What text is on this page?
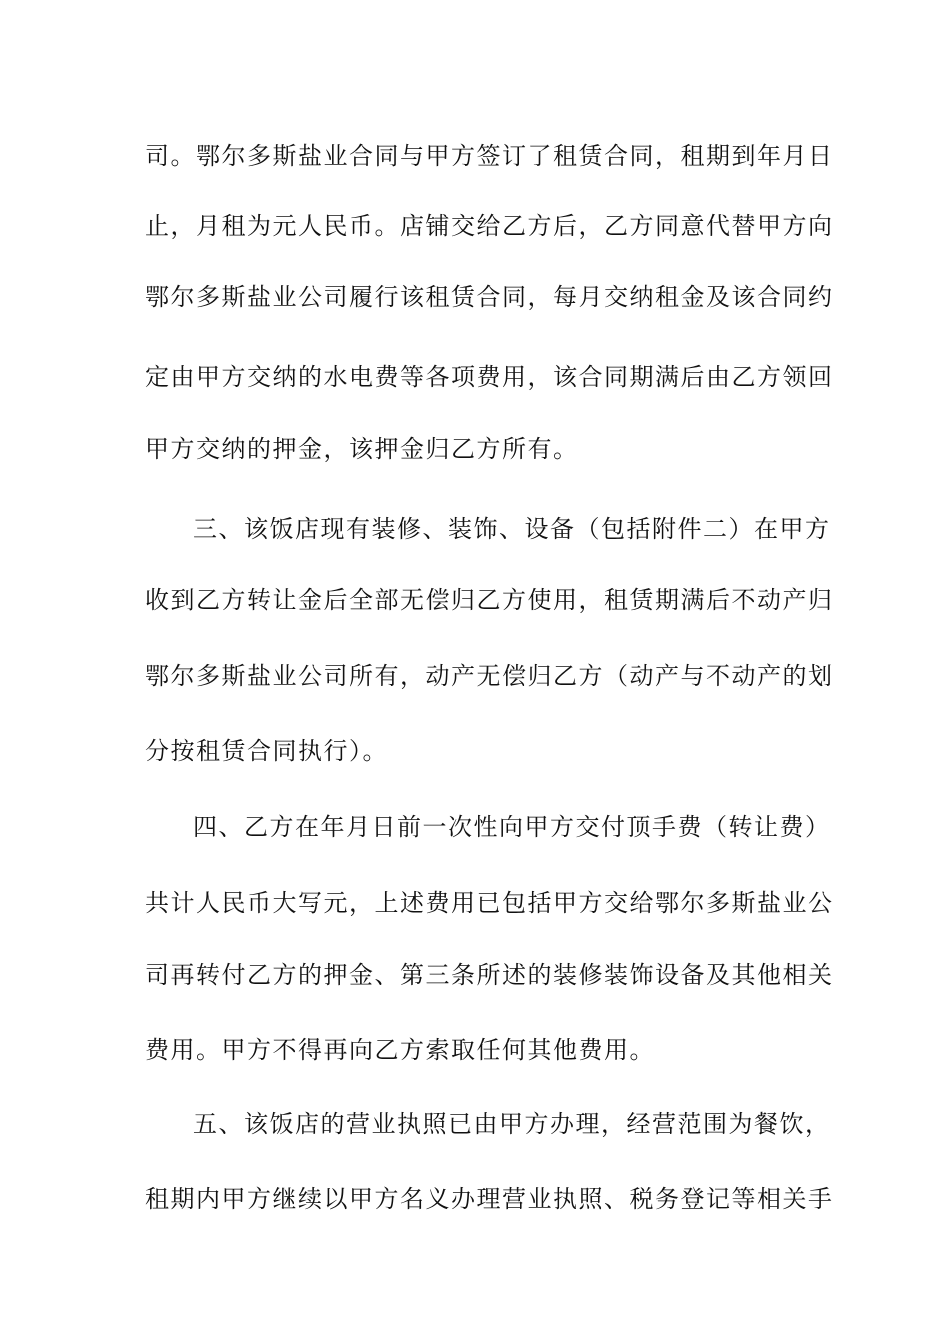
司。鄂尔多斯盐业合同与甲方签订了租赁合同，租期到年月日
止，月租为元人民币。店铺交给乙方后，乙方同意代替甲方向
鄂尔多斯盐业公司履行该租赁合同，每月交纳租金及该合同约
定由甲方交纳的水电费等各项费用，该合同期满后由乙方领回
甲方交纳的押金，该押金归乙方所有。
三、该饭店现有装修、装饰、设备（包括附件二）在甲方
收到乙方转让金后全部无偿归乙方使用，租赁期满后不动产归
鄂尔多斯盐业公司所有，动产无偿归乙方（动产与不动产的划
分按租赁合同执行）。
四、乙方在年月日前一次性向甲方交付顶手费（转让费）
共计人民币大写元，上述费用已包括甲方交给鄂尔多斯盐业公
司再转付乙方的押金、第三条所述的装修装饰设备及其他相关
费用。甲方不得再向乙方索取任何其他费用。
五、该饭店的营业执照已由甲方办理，经营范围为餐饮，
租期内甲方继续以甲方名义办理营业执照、税务登记等相关手
